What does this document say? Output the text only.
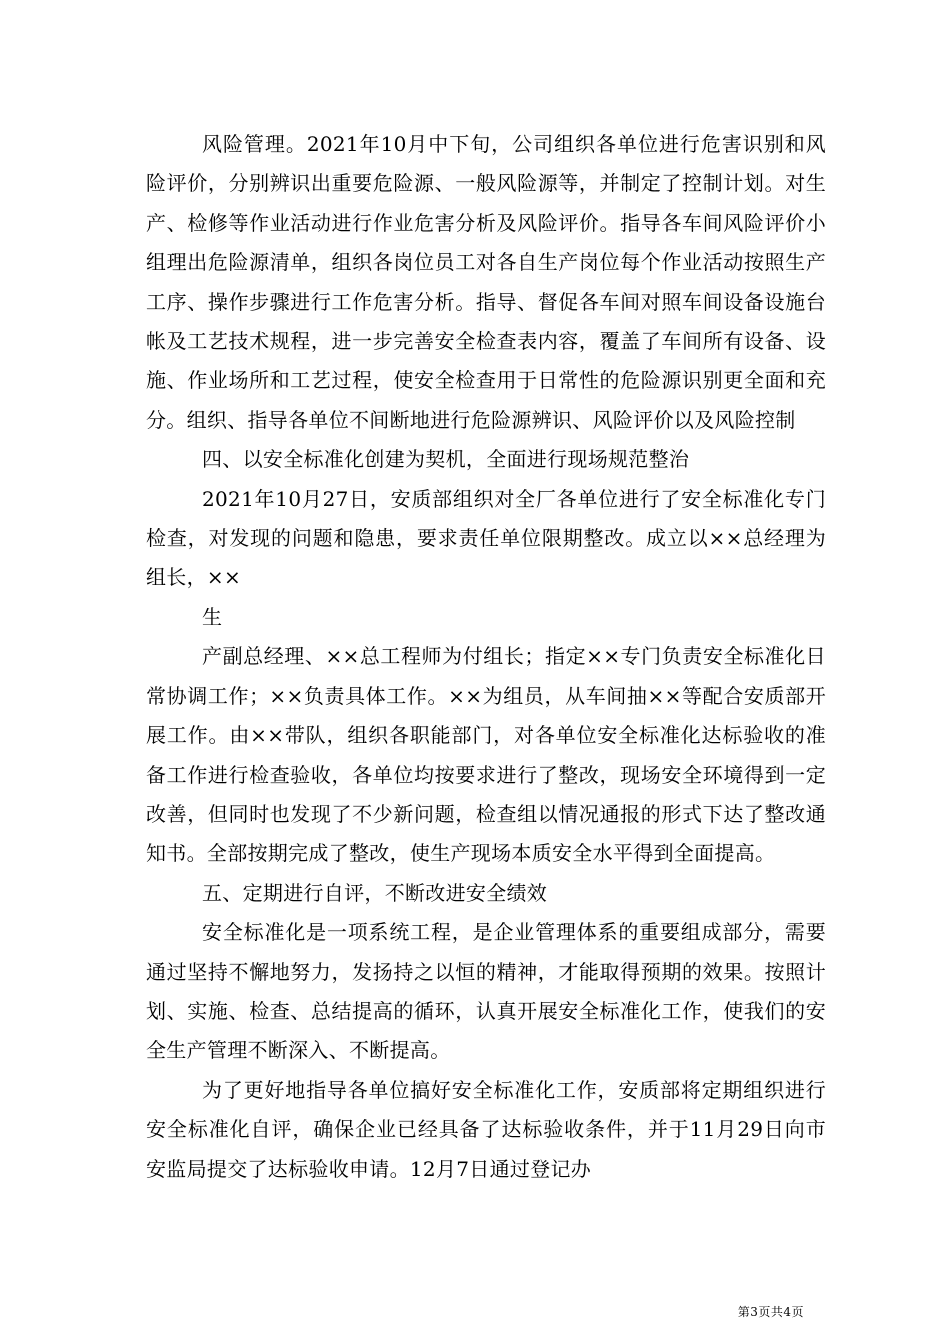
风险管理。2021年10月中下旬，公司组织各单位进行危害识别和风险评价，分别辨识出重要危险源、一般风险源等，并制定了控制计划。对生产、检修等作业活动进行作业危害分析及风险评价。指导各车间风险评价小组理出危险源清单，组织各岗位员工对各自生产岗位每个作业活动按照生产工序、操作步骤进行工作危害分析。指导、督促各车间对照车间设备设施台帐及工艺技术规程，进一步完善安全检查表内容，覆盖了车间所有设备、设施、作业场所和工艺过程，使安全检查用于日常性的危险源识别更全面和充分。组织、指导各单位不间断地进行危险源辨识、风险评价以及风险控制

四、以安全标准化创建为契机，全面进行现场规范整治

2021年10月27日，安质部组织对全厂各单位进行了安全标准化专门检查，对发现的问题和隐患，要求责任单位限期整改。成立以××总经理为组长，××

生

产副总经理、××总工程师为付组长；指定××专门负责安全标准化日常协调工作；××负责具体工作。××为组员，从车间抽××等配合安质部开展工作。由××带队，组织各职能部门，对各单位安全标准化达标验收的准备工作进行检查验收，各单位均按要求进行了整改，现场安全环境得到一定改善，但同时也发现了不少新问题，检查组以情况通报的形式下达了整改通知书。全部按期完成了整改，使生产现场本质安全水平得到全面提高。

五、定期进行自评，不断改进安全绩效

安全标准化是一项系统工程，是企业管理体系的重要组成部分，需要通过坚持不懈地努力，发扬持之以恒的精神，才能取得预期的效果。按照计划、实施、检查、总结提高的循环，认真开展安全标准化工作，使我们的安全生产管理不断深入、不断提高。

为了更好地指导各单位搞好安全标准化工作，安质部将定期组织进行安全标准化自评，确保企业已经具备了达标验收条件，并于11月29日向市安监局提交了达标验收申请。12月7日通过登记办

第3页共4页
